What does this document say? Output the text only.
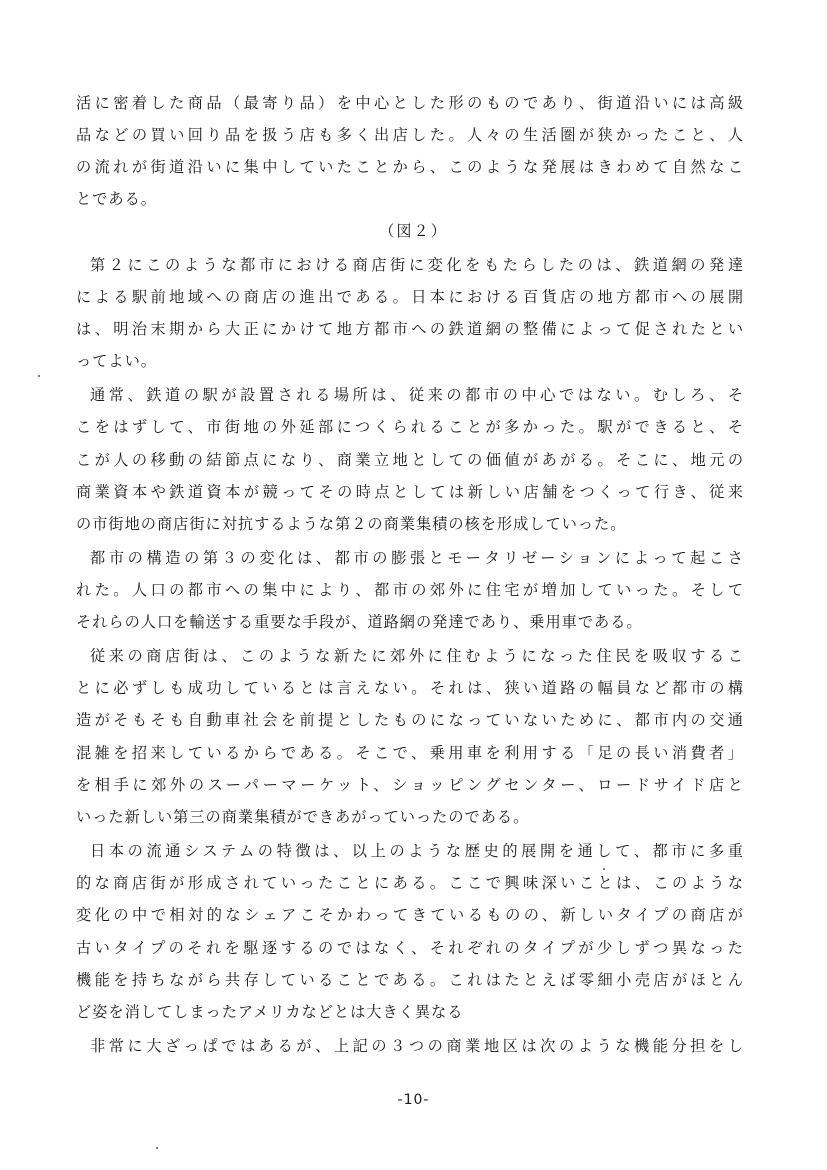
活に密着した商品（最寄り品）を中心とした形のものであり、街道沿いには高級
品などの買い回り品を扱う店も多く出店した。人々の生活圏が狭かったこと、人
の流れが街道沿いに集中していたことから、このような発展はきわめて自然なこ
とである。
（図２）
第２にこのような都市における商店街に変化をもたらしたのは、鉄道網の発達
による駅前地域への商店の進出である。日本における百貨店の地方都市への展開
は、明治末期から大正にかけて地方都市への鉄道網の整備によって促されたとい
ってよい。
通常、鉄道の駅が設置される場所は、従来の都市の中心ではない。むしろ、そ
こをはずして、市街地の外延部につくられることが多かった。駅ができると、そ
こが人の移動の結節点になり、商業立地としての価値があがる。そこに、地元の
商業資本や鉄道資本が競ってその時点としては新しい店舗をつくって行き、従来
の市街地の商店街に対抗するような第２の商業集積の核を形成していった。
都市の構造の第３の変化は、都市の膨張とモータリゼーションによって起こさ
れた。人口の都市への集中により、都市の郊外に住宅が増加していった。そして
それらの人口を輸送する重要な手段が、道路網の発達であり、乗用車である。
従来の商店街は、このような新たに郊外に住むようになった住民を吸収するこ
とに必ずしも成功しているとは言えない。それは、狭い道路の幅員など都市の構
造がそもそも自動車社会を前提としたものになっていないために、都市内の交通
混雑を招来しているからである。そこで、乗用車を利用する「足の長い消費者」
を相手に郊外のスーパーマーケット、ショッピングセンター、ロードサイド店と
いった新しい第三の商業集積ができあがっていったのである。
日本の流通システムの特徴は、以上のような歴史的展開を通して、都市に多重
的な商店街が形成されていったことにある。ここで興味深いことは、このような
変化の中で相対的なシェアこそかわってきているものの、新しいタイプの商店が
古いタイプのそれを駆逐するのではなく、それぞれのタイプが少しずつ異なった
機能を持ちながら共存していることである。これはたとえば零細小売店がほとん
ど姿を消してしまったアメリカなどとは大きく異なる
非常に大ざっぱではあるが、上記の３つの商業地区は次のような機能分担をし
-10-
